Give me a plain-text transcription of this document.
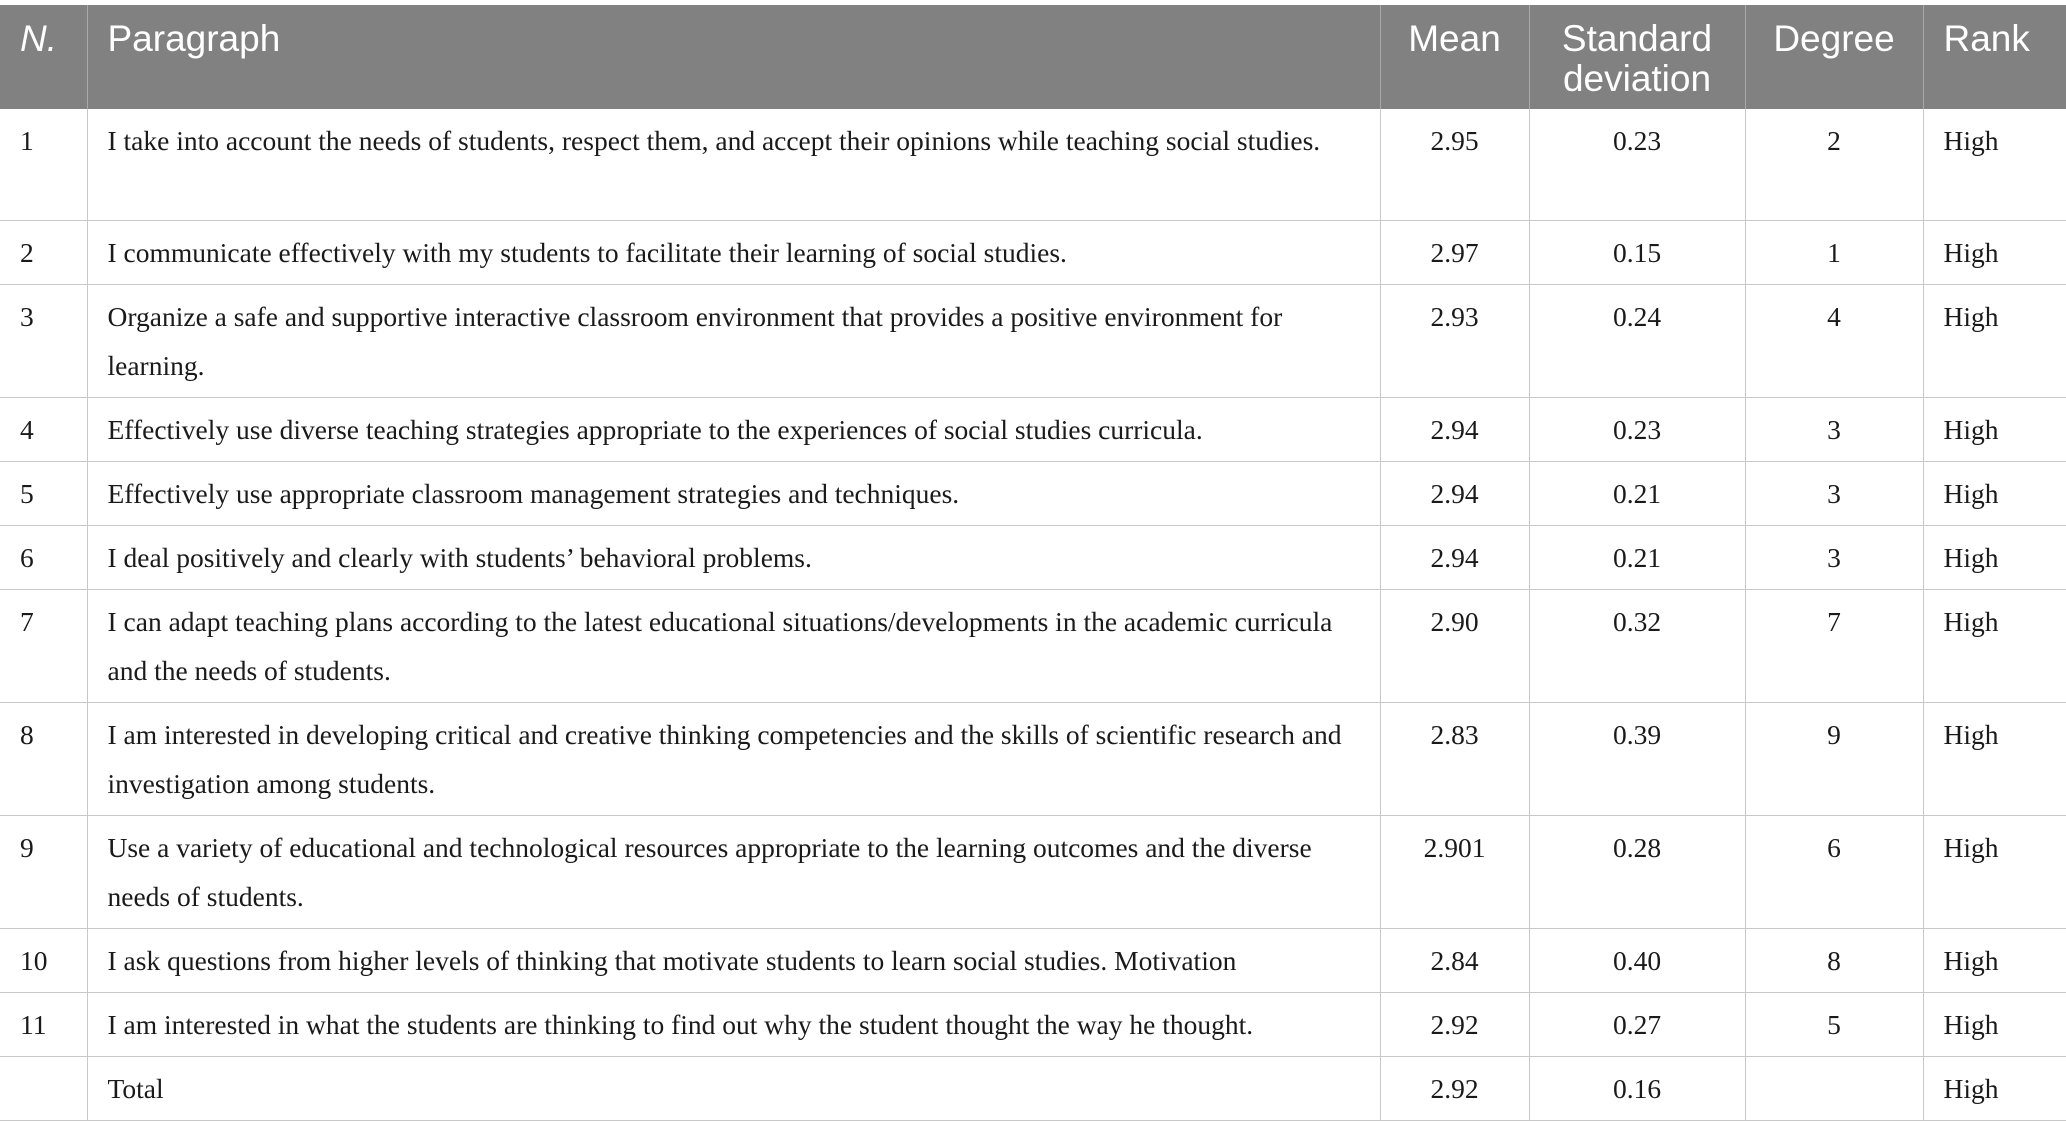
N.	Paragraph	Mean	Standard deviation	Degree	Rank
1	I take into account the needs of students, respect them, and accept their opinions while teaching social studies.	2.95	0.23	2	High
2	I communicate effectively with my students to facilitate their learning of social studies.	2.97	0.15	1	High
3	Organize a safe and supportive interactive classroom environment that provides a positive environment for learning.	2.93	0.24	4	High
4	Effectively use diverse teaching strategies appropriate to the experiences of social studies curricula.	2.94	0.23	3	High
5	Effectively use appropriate classroom management strategies and techniques.	2.94	0.21	3	High
6	I deal positively and clearly with students’ behavioral problems.	2.94	0.21	3	High
7	I can adapt teaching plans according to the latest educational situations/developments in the academic curricula and the needs of students.	2.90	0.32	7	High
8	I am interested in developing critical and creative thinking competencies and the skills of scientific research and investigation among students.	2.83	0.39	9	High
9	Use a variety of educational and technological resources appropriate to the learning outcomes and the diverse needs of students.	2.901	0.28	6	High
10	I ask questions from higher levels of thinking that motivate students to learn social studies. Motivation	2.84	0.40	8	High
11	I am interested in what the students are thinking to find out why the student thought the way he thought.	2.92	0.27	5	High
	Total	2.92	0.16		High
